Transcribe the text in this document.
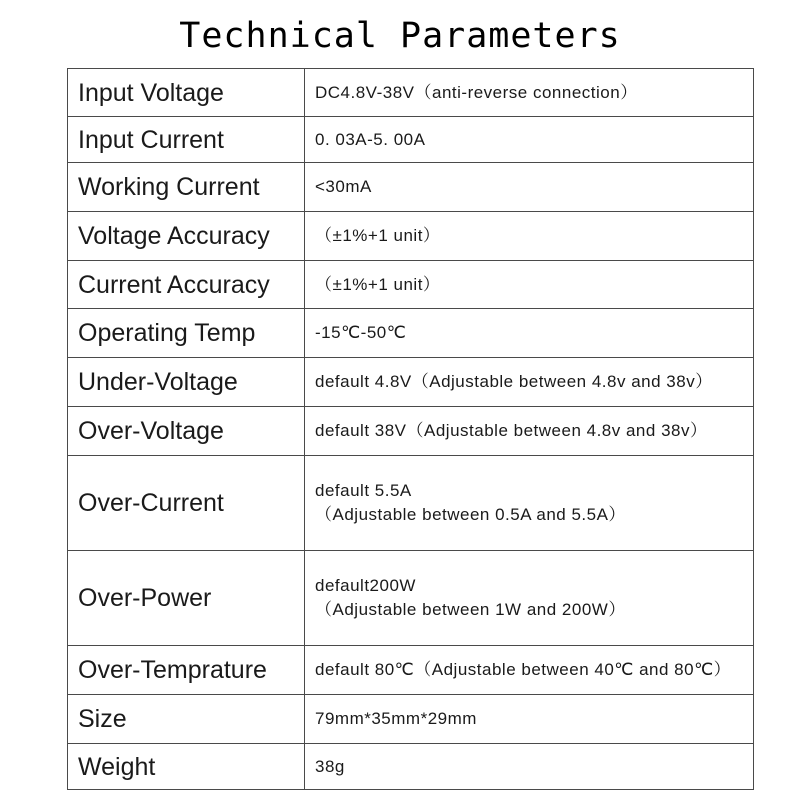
Technical Parameters
Input Voltage	DC4.8V-38V（anti-reverse connection）

Input Current	0. 03A-5. 00A

Working Current	<30mA

Voltage Accuracy	（±1%+1 unit）

Current Accuracy	（±1%+1 unit）

Operating Temp	-15℃-50℃

Under-Voltage	default 4.8V（Adjustable between 4.8v and 38v）

Over-Voltage	default 38V（Adjustable between 4.8v and 38v）

Over-Current	default 5.5A
（Adjustable between 0.5A and 5.5A）

Over-Power	default200W
（Adjustable between 1W and 200W）

Over-Temprature	default 80℃（Adjustable between 40℃ and 80℃）

Size	79mm*35mm*29mm

Weight	38g
